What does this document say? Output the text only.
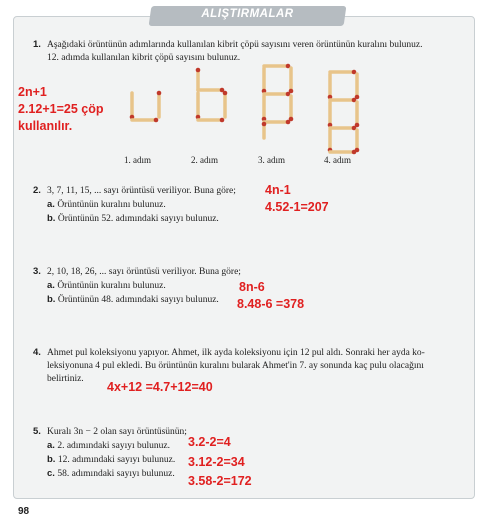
ALIŞTIRMALAR
1. Aşağıdaki örüntünün adımlarında kullanılan kibrit çöpü sayısını veren örüntünün kuralını bulunuz.
12. adımda kullanılan kibrit çöpü sayısını bulunuz.
2n+1
2.12+1=25 çöp
kullanılır.
1. adım	2. adım	3. adım	4. adım
2. 3, 7, 11, 15, ... sayı örüntüsü veriliyor. Buna göre;
a. Örüntünün kuralını bulunuz.
b. Örüntünün 52. adımındaki sayıyı bulunuz.
4n-1
4.52-1=207
3. 2, 10, 18, 26, ... sayı örüntüsü veriliyor. Buna göre;
a. Örüntünün kuralını bulunuz.
b. Örüntünün 48. adımındaki sayıyı bulunuz.
8n-6
8.48-6 =378
4. Ahmet pul koleksiyonu yapıyor. Ahmet, ilk ayda koleksiyonu için 12 pul aldı. Sonraki her ayda ko-
leksiyonuna 4 pul ekledi. Bu örüntünün kuralını bularak Ahmet'in 7. ay sonunda kaç pulu olacağını
belirtiniz.
4x+12 =4.7+12=40
5. Kuralı 3n − 2 olan sayı örüntüsünün;
a. 2. adımındaki sayıyı bulunuz.
b. 12. adımındaki sayıyı bulunuz.
c. 58. adımındaki sayıyı bulunuz.
3.2-2=4
3.12-2=34
3.58-2=172
98
